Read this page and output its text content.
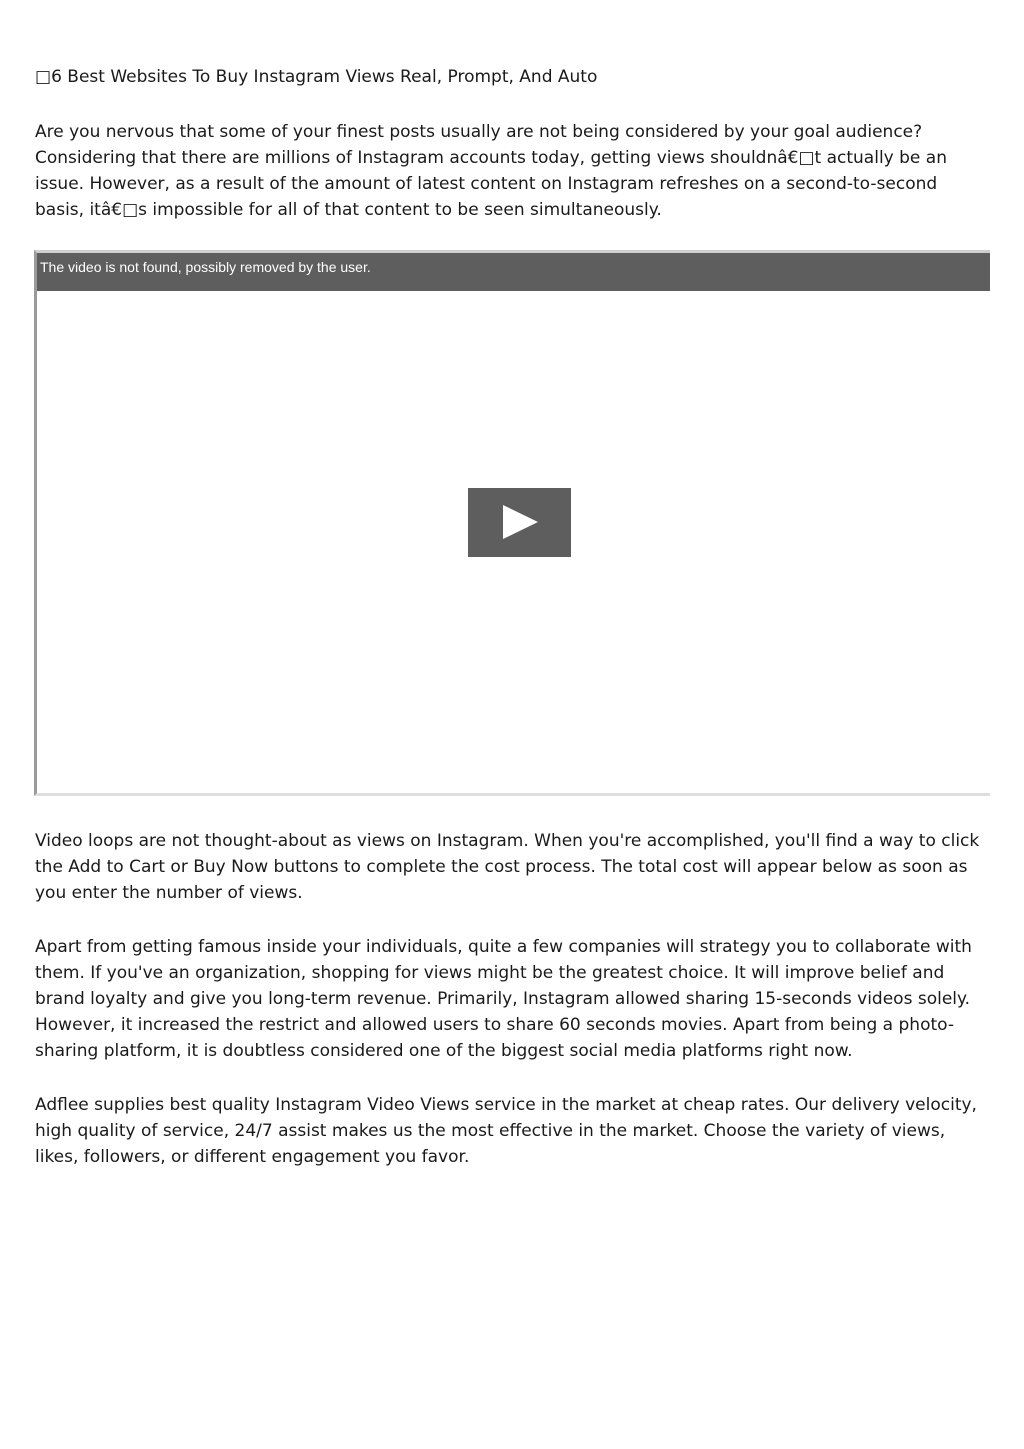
□6 Best Websites To Buy Instagram Views Real, Prompt, And Auto

Are you nervous that some of your finest posts usually are not being considered by your goal audience? Considering that there are millions of Instagram accounts today, getting views shouldnâ€□t actually be an issue. However, as a result of the amount of latest content on Instagram refreshes on a second-to-second basis, itâ€□s impossible for all of that content to be seen simultaneously.

Video loops are not thought-about as views on Instagram. When you're accomplished, you'll find a way to click the Add to Cart or Buy Now buttons to complete the cost process. The total cost will appear below as soon as you enter the number of views.

Apart from getting famous inside your individuals, quite a few companies will strategy you to collaborate with them. If you've an organization, shopping for views might be the greatest choice. It will improve belief and brand loyalty and give you long-term revenue. Primarily, Instagram allowed sharing 15-seconds videos solely. However, it increased the restrict and allowed users to share 60 seconds movies. Apart from being a photo-sharing platform, it is doubtless considered one of the biggest social media platforms right now.

Adflee supplies best quality Instagram Video Views service in the market at cheap rates. Our delivery velocity, high quality of service, 24/7 assist makes us the most effective in the market. Choose the variety of views, likes, followers, or different engagement you favor.

The video is not found, possibly removed by the user.
